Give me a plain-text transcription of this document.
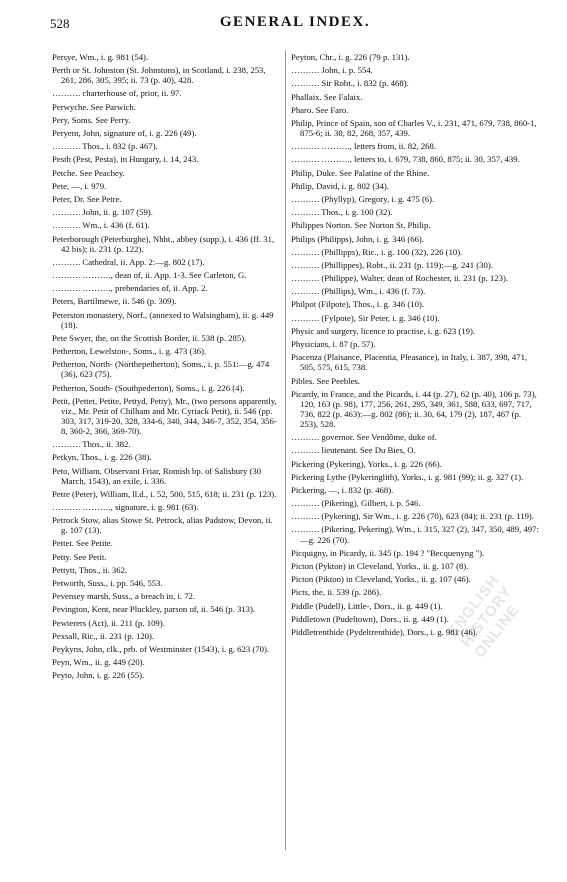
528	GENERAL INDEX.
ENGLISH HISTORY ONLINE
Persye, Wm., i. g. 981 (54).
Perth or St. Johnston (St. Johnstons), in Scotland, i. 238, 253, 261, 286, 305, 395; ii. 73 (p. 40), 428.
………. charterhouse of, prior, ii. 97.
Perwyche. See Parwich.
Pery, Soms. See Perry.
Peryent, John, signature of, i. g. 226 (49).
………. Thos., i. 832 (p. 467).
Pesth (Pest, Pesta), in Hungary, i. 14, 243.
Petche. See Peachey.
Pete, —, i. 979.
Peter, Dr. See Petre.
………. John, ii. g. 107 (59).
………. Wm., i. 436 (f. 61).
Peterborough (Peterburghe), Nhht., abbey (supp.), i. 436 (ff. 31, 42 bis); ii. 231 (p. 122).
………. Cathedral, ii. App. 2:—g. 802 (17).
………. ………., dean of, ii. App. 1-3. See Carleton, G.
………. ………., prebendaries of, ii. App. 2.
Peters, Bartilmewe, ii. 546 (p. 309).
Peterston monastery, Norf., (annexed to Walsingham), ii. g. 449 (18).
Pete Swyer, the, on the Scottish Border, ii. 538 (p. 285).
Petherton, Lewelston-, Soms., i. g. 473 (36).
Petherton, North- (Northepetherton), Soms., i. p. 551:—g. 474 (36), 623 (75).
Petherton, South- (Southpederton), Soms., i. g. 226 (4).
Petit, (Pettet, Petite, Pettyd, Petty), Mr., (two persons apparently, viz., Mr. Petit of Chilham and Mr. Cyriack Petit), ii. 546 (pp. 303, 317, 319-20, 328, 334-6, 340, 344, 346-7, 352, 354, 356-8, 360-2, 366, 369-70).
………. Thos., ii. 382.
Petkyn, Thos., i. g. 226 (38).
Peto, William, Observant Friar, Romish bp. of Salisbury (30 March, 1543), an exile, i. 336.
Petre (Peter), William, ll.d., i. 52, 500, 515, 618; ii. 231 (p. 123).
………. ………., signature, i. g. 981 (63).
Petrock Stow, alias Stowe St. Petrock, alias Padstow, Devon, ii. g. 107 (13).
Pettet. See Petite.
Petty. See Petit.
Pettytt, Thos., ii. 362.
Petworth, Suss., i. pp. 546, 553.
Pevensey marsh, Suss., a breach in, i. 72.
Pevington, Kent, near Pluckley, parson of, ii. 546 (p. 313).
Pewterers (Act), ii. 211 (p. 109).
Pexsall, Ric., ii. 231 (p. 120).
Peykyns, John, clk., prb. of Westminster (1543), i. g. 623 (70).
Peyn, Wm., ii. g. 449 (20).
Peyto, John, i. g. 226 (55).
Peyton, Chr., i. g. 226 (79 p. 131).
………. John, i. p. 554.
………. Sir Robt., i. 832 (p. 468).
Phallaix. See Falaix.
Pharo. See Faro.
Philip, Prince of Spain, son of Charles V., i. 231, 471, 679, 738, 860-1, 875-6; ii. 30, 82, 268, 357, 439.
………. ………., letters from, ii. 82, 268.
………. ………., letters to, i. 679, 738, 860, 875; ii. 30, 357, 439.
Philip, Duke. See Palatine of the Rhine.
Philip, David, i. g. 802 (34).
………. (Phyllyp), Gregory, i. g. 475 (6).
………. Thos., i. g. 100 (32).
Philippes Norton. See Norton St. Philip.
Philips (Philipps), John, i. g. 346 (66).
………. (Phillipps), Ric., i. g. 100 (32), 226 (10).
………. (Phillippes), Robt., ii. 231 (p. 119):—g. 241 (30).
………. (Philippe), Walter, dean of Rochester, ii. 231 (p. 123).
………. (Phillips), Wm., i. 436 (f. 73).
Philpot (Filpote), Thos., i. g. 346 (10).
………. (Fylpote), Sir Peter, i. g. 346 (10).
Physic and surgery, licence to practise, i. g. 623 (19).
Physicians, i. 87 (p. 57).
Piacenza (Plaisance, Placentia, Pleasance), in Italy, i. 387, 398, 471, 505, 575, 615, 738.
Pibles. See Peebles.
Picardy, in France, and the Picards, i. 44 (p. 27), 62 (p. 40), 106 p. 73), 120, 163 (p. 98), 177, 256, 261, 295, 349, 361, 588, 633, 697, 717, 736, 822 (p. 463):—g. 802 (86); ii. 30, 64, 179 (2), 187, 467 (p. 253), 528.
………. governor. See Vendôme, duke of.
………. lieutenant. See Du Bies, O.
Pickering (Pykering), Yorks., i. g. 226 (66).
Pickering Lythe (Pykeringlith), Yorks., i. g. 981 (99); ii. g. 327 (1).
Pickering, —, i. 832 (p. 468).
………. (Pikering), Gilbert, i. p. 546.
………. (Pykering), Sir Wm., i. g. 226 (70), 623 (84); ii. 231 (p. 119).
………. (Pikering, Pekering), Wm., i. 315, 327 (2), 347, 350, 489, 497:—g. 226 (70).
Picquigny, in Picardy, ii. 345 (p. 194 ? "Becquenyng ").
Picton (Pykton) in Cleveland, Yorks., ii. g. 107 (8).
Picton (Pikton) in Cleveland, Yorks., ii. g. 107 (46).
Picts, the, ii. 539 (p. 286).
Piddle (Pudell), Little-, Dors., ii. g. 449 (1).
Piddletown (Pudeltown), Dors., ii. g. 449 (1).
Piddletrenthide (Pydeltrenthide), Dors., i. g. 981 (46).
